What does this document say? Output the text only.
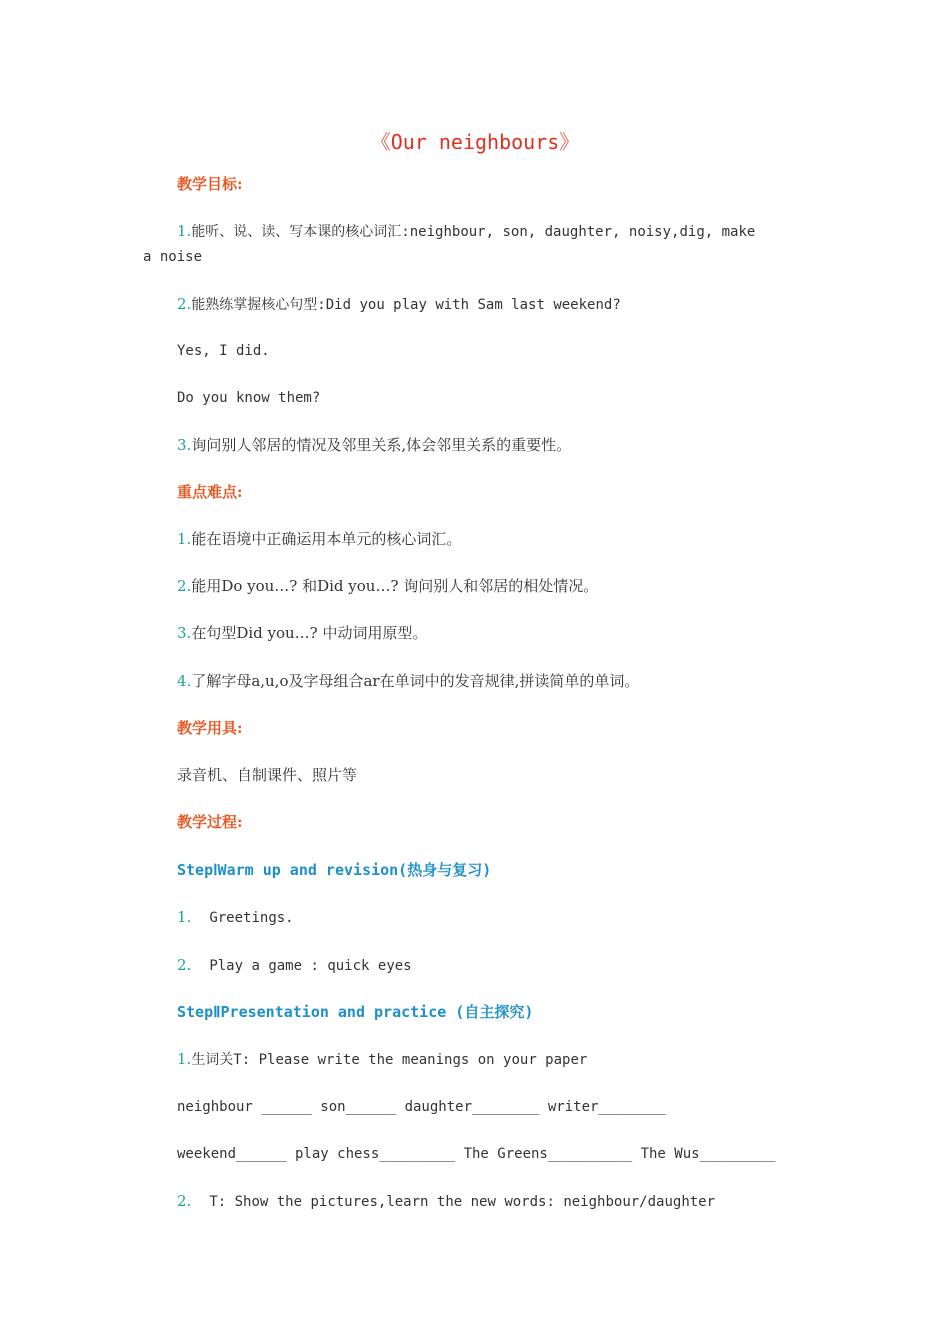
《Our neighbours》
教学目标:
1.能听、说、读、写本课的核心词汇:neighbour, son, daughter, noisy,dig, make
a noise
2.能熟练掌握核心句型:Did you play with Sam last weekend?
Yes, I did.
Do you know them?
3.询问别人邻居的情况及邻里关系,体会邻里关系的重要性。
重点难点:
1.能在语境中正确运用本单元的核心词汇。
2.能用Do you…? 和Did you…? 询问别人和邻居的相处情况。
3.在句型Did you…? 中动词用原型。
4.了解字母a,u,o及字母组合ar在单词中的发音规律,拼读简单的单词。
教学用具:
录音机、自制课件、照片等
教学过程:
StepⅠWarm up and revision(热身与复习)
1. Greetings.
2. Play a game : quick eyes
StepⅡPresentation and practice (自主探究)
1.生词关T: Please write the meanings on your paper
neighbour ______ son______ daughter________ writer________
weekend______ play chess_________ The Greens__________ The Wus_________
2. T: Show the pictures,learn the new words: neighbour/daughter
